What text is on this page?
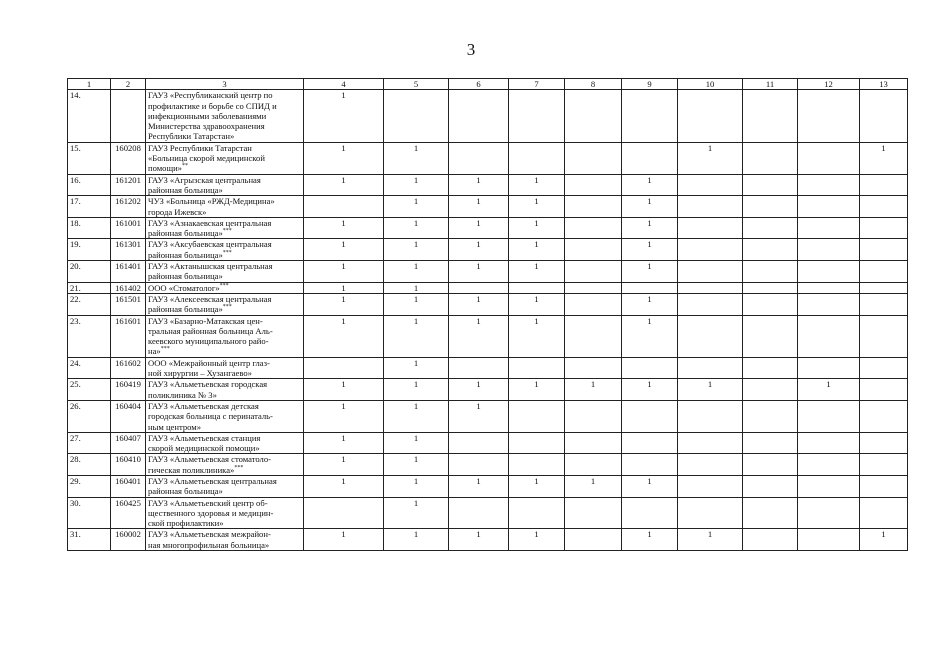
3
1	2	3	4	5	6	7	8	9	10	11	12	13
14.		ГАУЗ «Республиканский центр по
профилактике и борьбе со СПИД и
инфекционными заболеваниями
Министерства здравоохранения
Республики Татарстан»	1									
15.	160208	ГАУЗ Республики Татарстан
«Больница скорой медицинской
помощи»**	1	1					1			1
16.	161201	ГАУЗ «Агрызская центральная
районная больница»	1	1	1	1		1				
17.	161202	ЧУЗ «Больница «РЖД-Медицина»
города Ижевск»		1	1	1		1				
18.	161001	ГАУЗ «Азнакаевская центральная
районная больница»***	1	1	1	1		1				
19.	161301	ГАУЗ «Аксубаевская центральная
районная больница»***	1	1	1	1		1				
20.	161401	ГАУЗ «Актанышская центральная
районная больница»	1	1	1	1		1				
21.	161402	ООО «Стоматолог»***	1	1								
22.	161501	ГАУЗ «Алексеевская центральная
районная больница»***	1	1	1	1		1				
23.	161601	ГАУЗ «Базарно-Матакская цен-
тральная районная больница Аль-
кеевского муниципального райо-
на»***	1	1	1	1		1				
24.	161602	ООО «Межрайонный центр глаз-
ной хирургии – Хузангаево»		1								
25.	160419	ГАУЗ «Альметьевская городская
поликлиника № 3»	1	1	1	1	1	1	1		1	
26.	160404	ГАУЗ «Альметьевская детская
городская больница с перинаталь-
ным центром»	1	1	1							
27.	160407	ГАУЗ «Альметьевская станция
скорой медицинской помощи»	1	1								
28.	160410	ГАУЗ «Альметьевская стоматоло-
гическая поликлиника»***	1	1								
29.	160401	ГАУЗ «Альметьевская центральная
районная больница»	1	1	1	1	1	1				
30.	160425	ГАУЗ «Альметьевский центр об-
щественного здоровья и медицин-
ской профилактики»		1								
31.	160002	ГАУЗ «Альметьевская межрайон-
ная многопрофильная больница»	1	1	1	1		1	1			1
